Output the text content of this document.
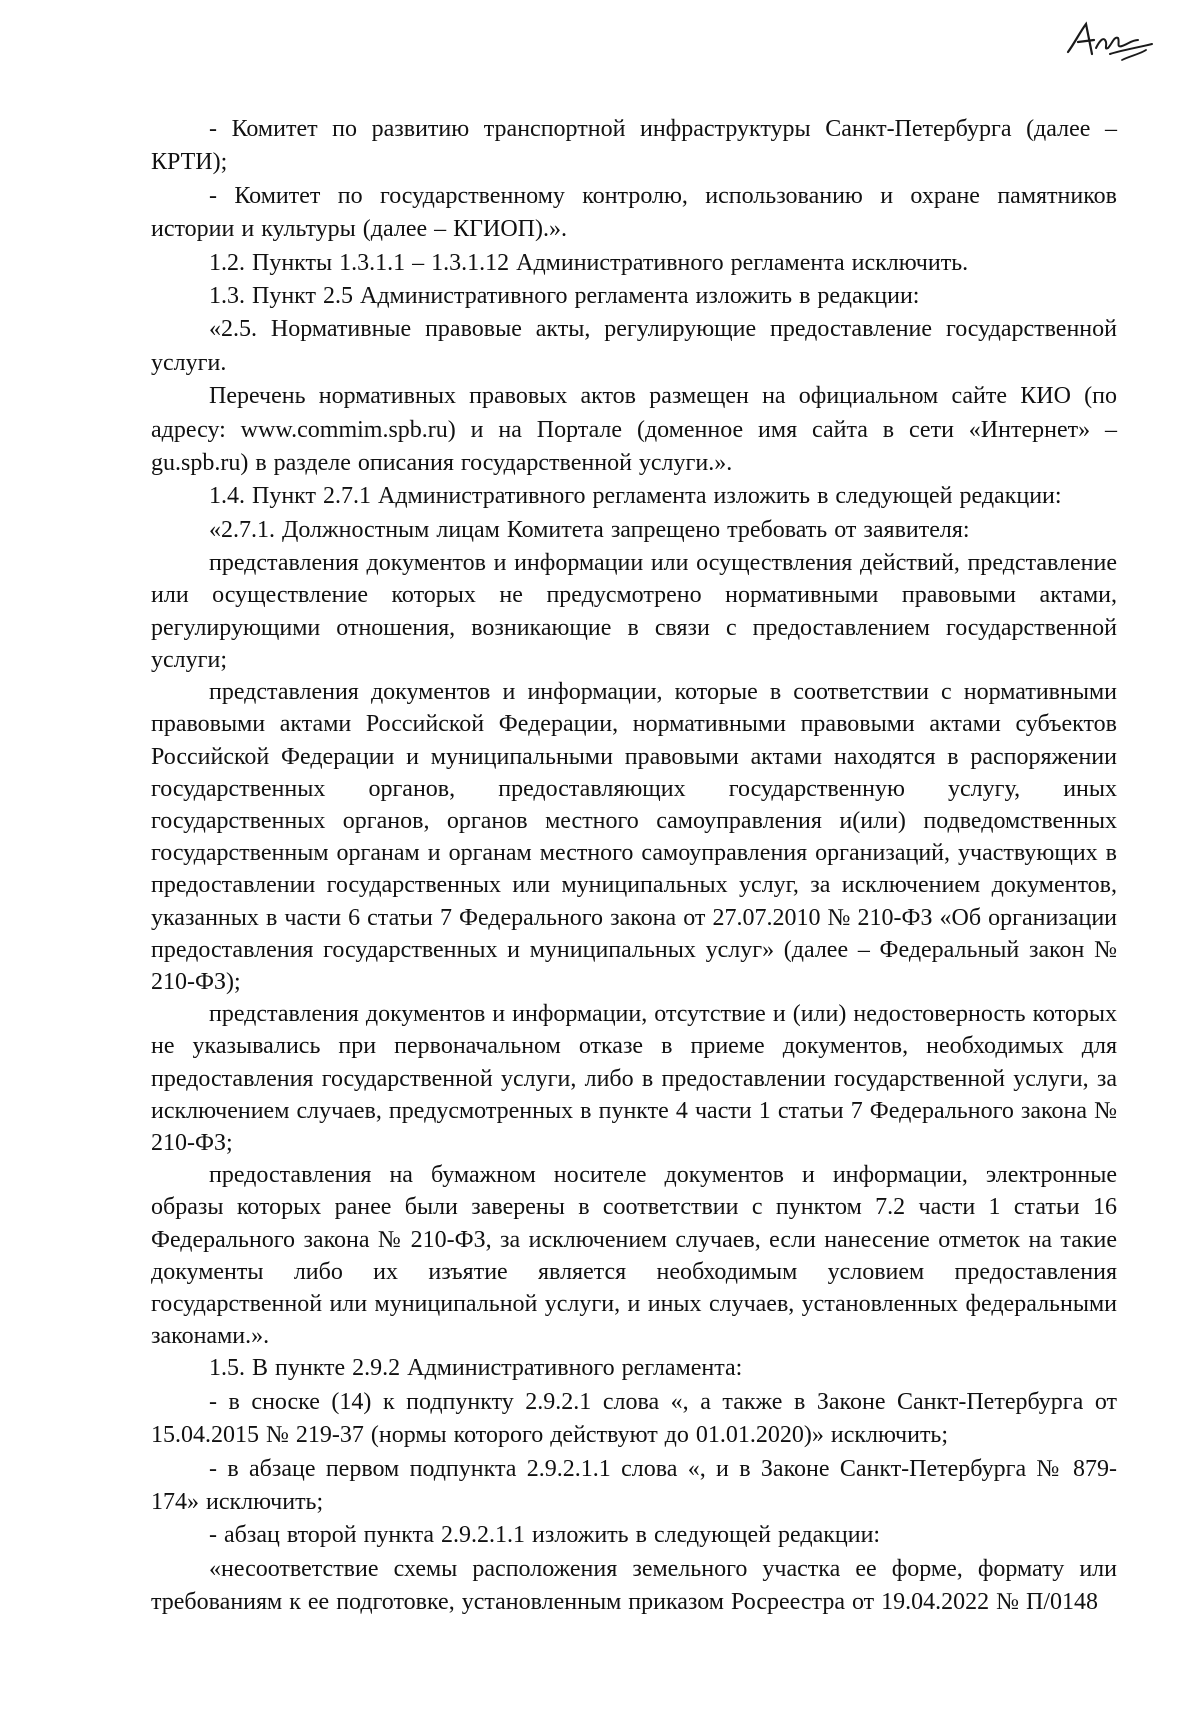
- Комитет по развитию транспортной инфраструктуры Санкт-Петербурга (далее – КРТИ);

- Комитет по государственному контролю, использованию и охране памятников истории и культуры (далее – КГИОП).».

1.2. Пункты 1.3.1.1 – 1.3.1.12 Административного регламента исключить.

1.3. Пункт 2.5 Административного регламента изложить в редакции:

«2.5. Нормативные правовые акты, регулирующие предоставление государственной услуги.

Перечень нормативных правовых актов размещен на официальном сайте КИО (по адресу: www.commim.spb.ru) и на Портале (доменное имя сайта в сети «Интернет» – gu.spb.ru) в разделе описания государственной услуги.».

1.4. Пункт 2.7.1 Административного регламента изложить в следующей редакции:

«2.7.1. Должностным лицам Комитета запрещено требовать от заявителя:

представления документов и информации или осуществления действий, представление или осуществление которых не предусмотрено нормативными правовыми актами, регулирующими отношения, возникающие в связи с предоставлением государственной услуги;

представления документов и информации, которые в соответствии с нормативными правовыми актами Российской Федерации, нормативными правовыми актами субъектов Российской Федерации и муниципальными правовыми актами находятся в распоряжении государственных органов, предоставляющих государственную услугу, иных государственных органов, органов местного самоуправления и(или) подведомственных государственным органам и органам местного самоуправления организаций, участвующих в предоставлении государственных или муниципальных услуг, за исключением документов, указанных в части 6 статьи 7 Федерального закона от 27.07.2010 № 210-ФЗ «Об организации предоставления государственных и муниципальных услуг» (далее – Федеральный закон № 210-ФЗ);

представления документов и информации, отсутствие и (или) недостоверность которых не указывались при первоначальном отказе в приеме документов, необходимых для предоставления государственной услуги, либо в предоставлении государственной услуги, за исключением случаев, предусмотренных в пункте 4 части 1 статьи 7 Федерального закона № 210-ФЗ;

предоставления на бумажном носителе документов и информации, электронные образы которых ранее были заверены в соответствии с пунктом 7.2 части 1 статьи 16 Федерального закона № 210-ФЗ, за исключением случаев, если нанесение отметок на такие документы либо их изъятие является необходимым условием предоставления государственной или муниципальной услуги, и иных случаев, установленных федеральными законами.».

1.5. В пункте 2.9.2 Административного регламента:

- в сноске (14) к подпункту 2.9.2.1 слова «, а также в Законе Санкт-Петербурга от 15.04.2015 № 219-37 (нормы которого действуют до 01.01.2020)» исключить;

- в абзаце первом подпункта 2.9.2.1.1 слова «, и в Законе Санкт-Петербурга № 879-174» исключить;

- абзац второй пункта 2.9.2.1.1 изложить в следующей редакции:

«несоответствие схемы расположения земельного участка ее форме, формату или требованиям к ее подготовке, установленным приказом Росреестра от 19.04.2022 № П/0148
